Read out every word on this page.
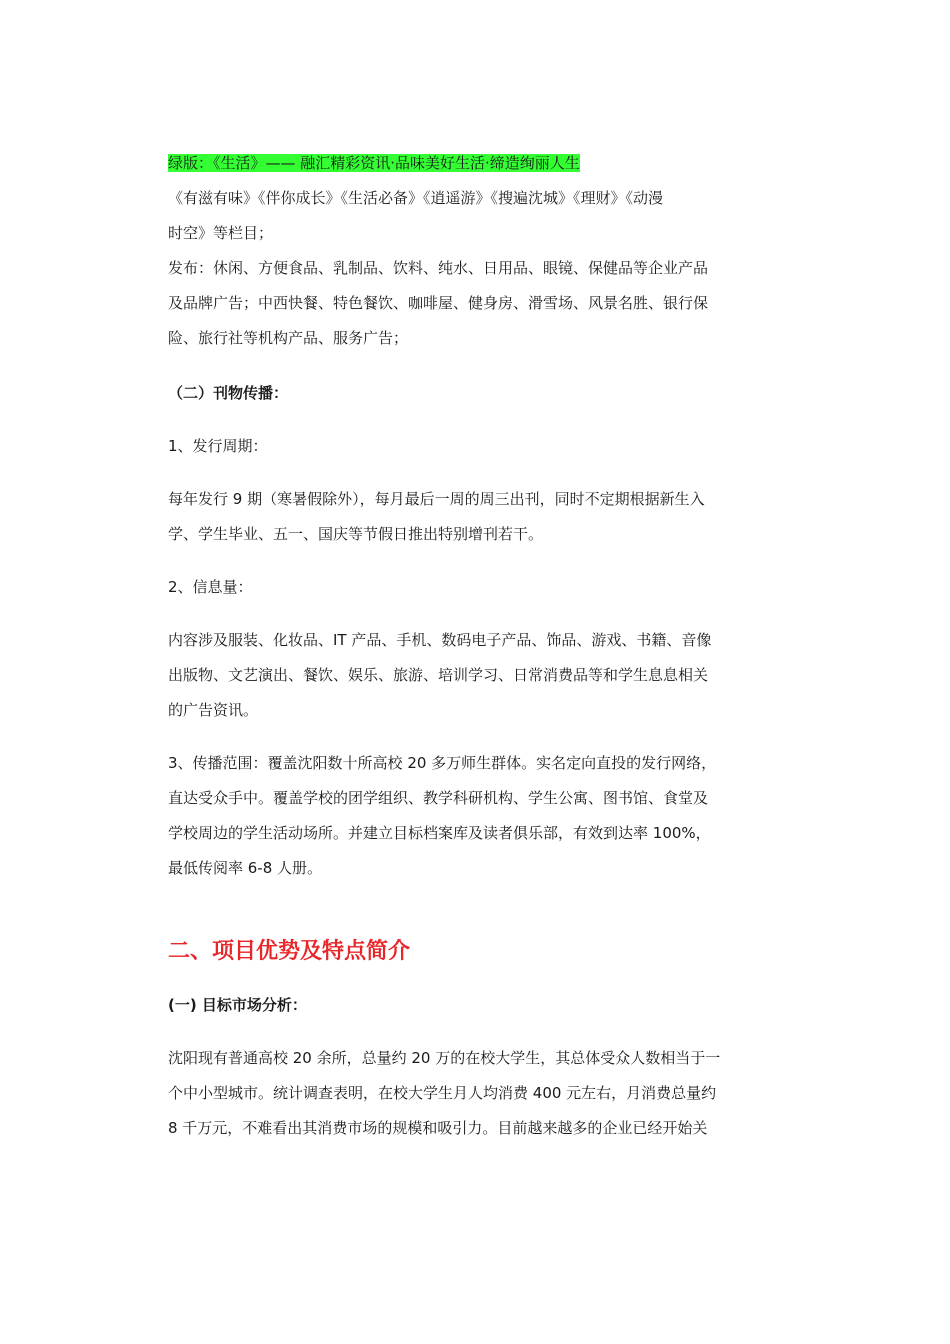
绿版：《生活》—— 融汇精彩资讯·品味美好生活·缔造绚丽人生

《有滋有味》《伴你成长》《生活必备》《逍遥游》《搜遍沈城》《理财》《动漫

时空》等栏目；

发布：休闲、方便食品、乳制品、饮料、纯水、日用品、眼镜、保健品等企业产品

及品牌广告；中西快餐、特色餐饮、咖啡屋、健身房、滑雪场、风景名胜、银行保

险、旅行社等机构产品、服务广告；

（二）刊物传播：

1、发行周期：

每年发行 9 期（寒暑假除外），每月最后一周的周三出刊，同时不定期根据新生入

学、学生毕业、五一、国庆等节假日推出特别增刊若干。

2、信息量：

内容涉及服装、化妆品、IT 产品、手机、数码电子产品、饰品、游戏、书籍、音像

出版物、文艺演出、餐饮、娱乐、旅游、培训学习、日常消费品等和学生息息相关

的广告资讯。

3、传播范围：覆盖沈阳数十所高校 20 多万师生群体。实名定向直投的发行网络，

直达受众手中。覆盖学校的团学组织、教学科研机构、学生公寓、图书馆、食堂及

学校周边的学生活动场所。并建立目标档案库及读者俱乐部，有效到达率 100%，

最低传阅率 6-8 人册。

二、项目优势及特点简介

(一) 目标市场分析：

沈阳现有普通高校 20 余所，总量约 20 万的在校大学生，其总体受众人数相当于一

个中小型城市。统计调查表明，在校大学生月人均消费 400 元左右，月消费总量约

8 千万元，不难看出其消费市场的规模和吸引力。目前越来越多的企业已经开始关
